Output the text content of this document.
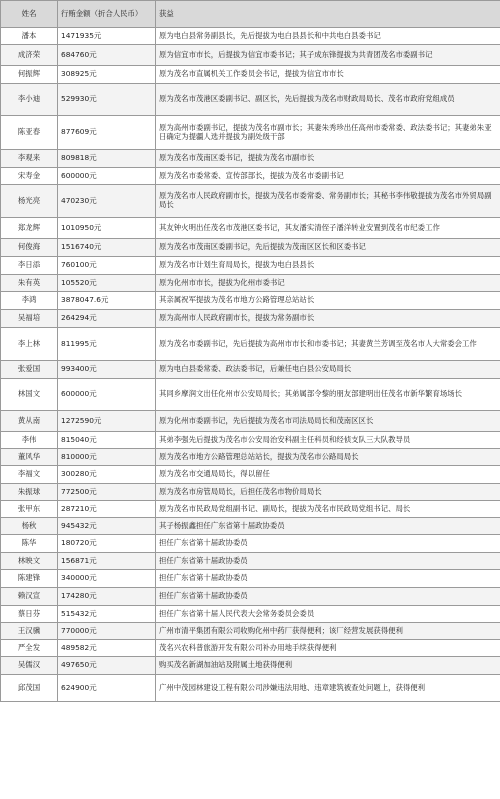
姓名	行贿金额（折合人民币）	获益
潘本	1471935元	原为电白县常务副县长，先后提拔为电白县县长和中共电白县委书记
成济荣	684760元	原为信宜市市长，后提拔为信宜市委书记；其子成东锋提拔为共青团茂名市委副书记
何振辉	308925元	原为茂名市直属机关工作委员会书记，提拔为信宜市市长
李小迪	529930元	原为茂名市茂港区委副书记、副区长，先后提拔为茂名市财政局局长、茂名市政府党组成员
陈亚春	877609元	原为高州市委副书记，提拔为茂名市副市长；其妻朱秀珍出任高州市委常委、政法委书记；其妻弟朱亚日确定为提疆人选并提拔为副处级干部
李观来	809818元	原为茂名市茂南区委书记，提拔为茂名市副市长
宋寿金	600000元	原为茂名市委常委、宣传部部长，提拔为茂名市委副书记
杨光亮	470230元	原为茂名市人民政府副市长，提拔为茂名市委常委、常务副市长；其秘书李伟敬提拔为茂名市外贸局副局长
郑龙辉	1010950元	其友钟火明出任茂名市茂港区委书记，其友潘实清侄子潘洋转业安置到茂名市纪委工作
何俊海	1516740元	原为茂名市茂南区委副书记，先后提拔为茂南区区长和区委书记
李日添	760100元	原为茂名市计划生育局局长，提拔为电白县县长
朱有英	105520元	原为化州市市长，提拔为化州市委书记
李鸿	3878047.6元	其亲属祝军提拔为茂名市地方公路管理总站站长
吴福培	264294元	原为高州市人民政府副市长，提拔为常务副市长
李上林	811995元	原为茂名市委副书记，先后提拔为高州市市长和市委书记；其妻黄兰芳调至茂名市人大常委会工作
张爱国	993400元	原为电白县委常委、政法委书记，后兼任电白县公安局局长
林国文	600000元	其同乡摩润文出任化州市公安局局长；其弟属部令黎的朋友部建明出任茂名市新华繁育场场长
黄从南	1272590元	原为化州市委副书记，先后提拔为茂名市司法局局长和茂南区区长
李伟	815040元	其弟李强先后提拔为茂名市公安局治安科副主任科员和经侦支队三大队教导员
董风华	810000元	原为茂名市地方公路管理总站站长，提拔为茂名市公路局局长
李福文	300280元	原为茂名市交通局局长，得以留任
朱振球	772500元	原为茂名市房管局局长，后担任茂名市物价局局长
张甲东	287210元	原为茂名市民政局党组副书记、副局长，提拔为茂名市民政局党组书记、局长
杨秋	945432元	其子杨振鑫担任广东省第十届政协委员
陈华	180720元	担任广东省第十届政协委员
林映文	156871元	担任广东省第十届政协委员
陈建锋	340000元	担任广东省第十届政协委员
赖汉宣	174280元	担任广东省第十届政协委员
蔡日芬	515432元	担任广东省第十届人民代表大会常务委员会委员
王汉骥	770000元	广州市清平集团有限公司收购化州中药厂获得便利；该厂经营发展获得便利
严全发	489582元	茂名兴农科普旅游开发有限公司补办用地手续获得便利
吴儒汉	497650元	购买茂名新湖加油站及附属土地获得便利
邱茂国	624900元	广州中茂园林建设工程有限公司涉嫌违法用地、违章建筑被查处问题上，获得便利
